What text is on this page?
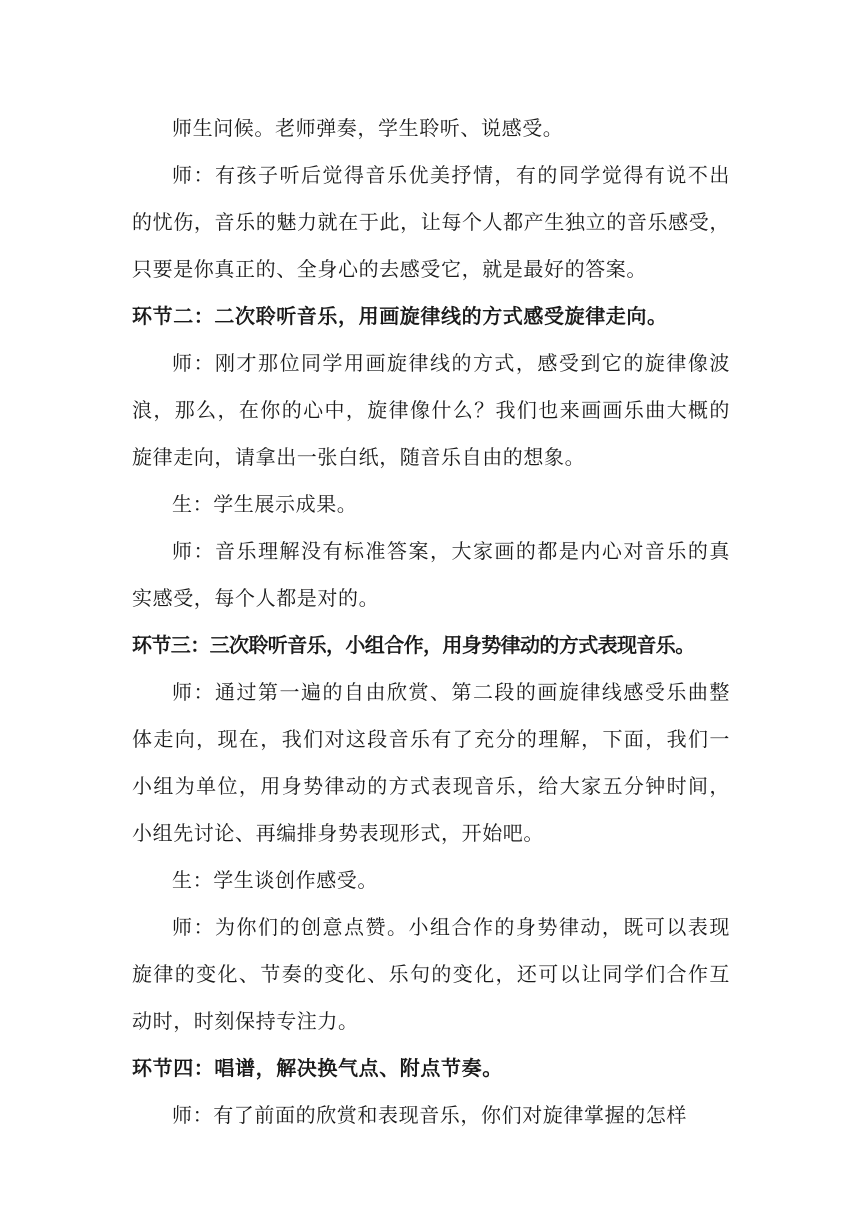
师生问候。老师弹奏，学生聆听、说感受。
师：有孩子听后觉得音乐优美抒情，有的同学觉得有说不出
的忧伤，音乐的魅力就在于此，让每个人都产生独立的音乐感受，
只要是你真正的、全身心的去感受它，就是最好的答案。
环节二：二次聆听音乐，用画旋律线的方式感受旋律走向。
师：刚才那位同学用画旋律线的方式，感受到它的旋律像波
浪，那么，在你的心中，旋律像什么？我们也来画画乐曲大概的
旋律走向，请拿出一张白纸，随音乐自由的想象。
生：学生展示成果。
师：音乐理解没有标准答案，大家画的都是内心对音乐的真
实感受，每个人都是对的。
环节三：三次聆听音乐，小组合作，用身势律动的方式表现音乐。
师：通过第一遍的自由欣赏、第二段的画旋律线感受乐曲整
体走向，现在，我们对这段音乐有了充分的理解，下面，我们一
小组为单位，用身势律动的方式表现音乐，给大家五分钟时间，
小组先讨论、再编排身势表现形式，开始吧。
生：学生谈创作感受。
师：为你们的创意点赞。小组合作的身势律动，既可以表现
旋律的变化、节奏的变化、乐句的变化，还可以让同学们合作互
动时，时刻保持专注力。
环节四：唱谱，解决换气点、附点节奏。
师：有了前面的欣赏和表现音乐，你们对旋律掌握的怎样
